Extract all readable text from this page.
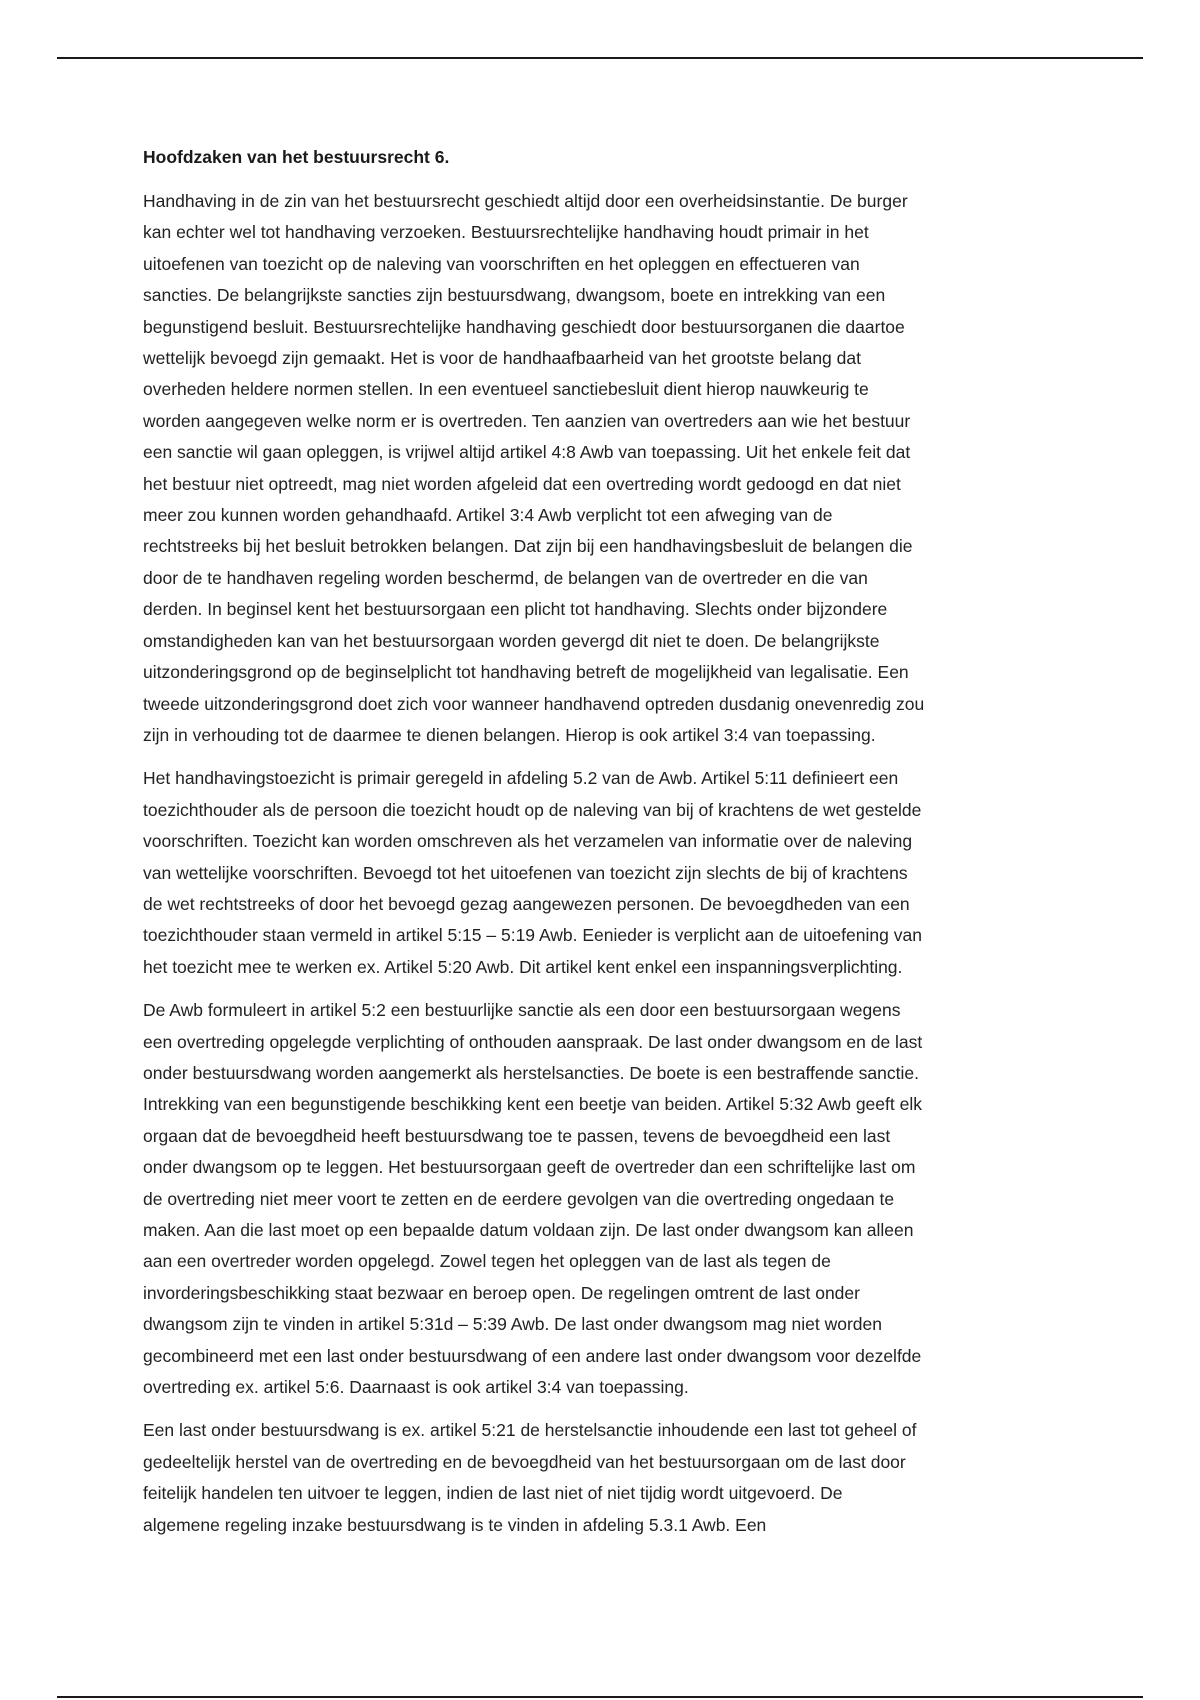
Hoofdzaken van het bestuursrecht 6.

Handhaving in de zin van het bestuursrecht geschiedt altijd door een overheidsinstantie. De burger
kan echter wel tot handhaving verzoeken. Bestuursrechtelijke handhaving houdt primair in het
uitoefenen van toezicht op de naleving van voorschriften en het opleggen en effectueren van
sancties. De belangrijkste sancties zijn bestuursdwang, dwangsom, boete en intrekking van een
begunstigend besluit. Bestuursrechtelijke handhaving geschiedt door bestuursorganen die daartoe
wettelijk bevoegd zijn gemaakt. Het is voor de handhaafbaarheid van het grootste belang dat
overheden heldere normen stellen. In een eventueel sanctiebesluit dient hierop nauwkeurig te
worden aangegeven welke norm er is overtreden. Ten aanzien van overtreders aan wie het bestuur
een sanctie wil gaan opleggen, is vrijwel altijd artikel 4:8 Awb van toepassing. Uit het enkele feit dat
het bestuur niet optreedt, mag niet worden afgeleid dat een overtreding wordt gedoogd en dat niet
meer zou kunnen worden gehandhaafd. Artikel 3:4 Awb verplicht tot een afweging van de
rechtstreeks bij het besluit betrokken belangen. Dat zijn bij een handhavingsbesluit de belangen die
door de te handhaven regeling worden beschermd, de belangen van de overtreder en die van
derden. In beginsel kent het bestuursorgaan een plicht tot handhaving. Slechts onder bijzondere
omstandigheden kan van het bestuursorgaan worden gevergd dit niet te doen. De belangrijkste
uitzonderingsgrond op de beginselplicht tot handhaving betreft de mogelijkheid van legalisatie. Een
tweede uitzonderingsgrond doet zich voor wanneer handhavend optreden dusdanig onevenredig zou
zijn in verhouding tot de daarmee te dienen belangen. Hierop is ook artikel 3:4 van toepassing.

Het handhavingstoezicht is primair geregeld in afdeling 5.2 van de Awb. Artikel 5:11 definieert een
toezichthouder als de persoon die toezicht houdt op de naleving van bij of krachtens de wet gestelde
voorschriften. Toezicht kan worden omschreven als het verzamelen van informatie over de naleving
van wettelijke voorschriften. Bevoegd tot het uitoefenen van toezicht zijn slechts de bij of krachtens
de wet rechtstreeks of door het bevoegd gezag aangewezen personen. De bevoegdheden van een
toezichthouder staan vermeld in artikel 5:15 – 5:19 Awb. Eenieder is verplicht aan de uitoefening van
het toezicht mee te werken ex. Artikel 5:20 Awb. Dit artikel kent enkel een inspanningsverplichting.

De Awb formuleert in artikel 5:2 een bestuurlijke sanctie als een door een bestuursorgaan wegens
een overtreding opgelegde verplichting of onthouden aanspraak. De last onder dwangsom en de last
onder bestuursdwang worden aangemerkt als herstelsancties. De boete is een bestraffende sanctie.
Intrekking van een begunstigende beschikking kent een beetje van beiden. Artikel 5:32 Awb geeft elk
orgaan dat de bevoegdheid heeft bestuursdwang toe te passen, tevens de bevoegdheid een last
onder dwangsom op te leggen. Het bestuursorgaan geeft de overtreder dan een schriftelijke last om
de overtreding niet meer voort te zetten en de eerdere gevolgen van die overtreding ongedaan te
maken. Aan die last moet op een bepaalde datum voldaan zijn. De last onder dwangsom kan alleen
aan een overtreder worden opgelegd. Zowel tegen het opleggen van de last als tegen de
invorderingsbeschikking staat bezwaar en beroep open. De regelingen omtrent de last onder
dwangsom zijn te vinden in artikel 5:31d – 5:39 Awb. De last onder dwangsom mag niet worden
gecombineerd met een last onder bestuursdwang of een andere last onder dwangsom voor dezelfde
overtreding ex. artikel 5:6. Daarnaast is ook artikel 3:4 van toepassing.

Een last onder bestuursdwang is ex. artikel 5:21 de herstelsanctie inhoudende een last tot geheel of
gedeeltelijk herstel van de overtreding en de bevoegdheid van het bestuursorgaan om de last door
feitelijk handelen ten uitvoer te leggen, indien de last niet of niet tijdig wordt uitgevoerd. De
algemene regeling inzake bestuursdwang is te vinden in afdeling 5.3.1 Awb. Een
